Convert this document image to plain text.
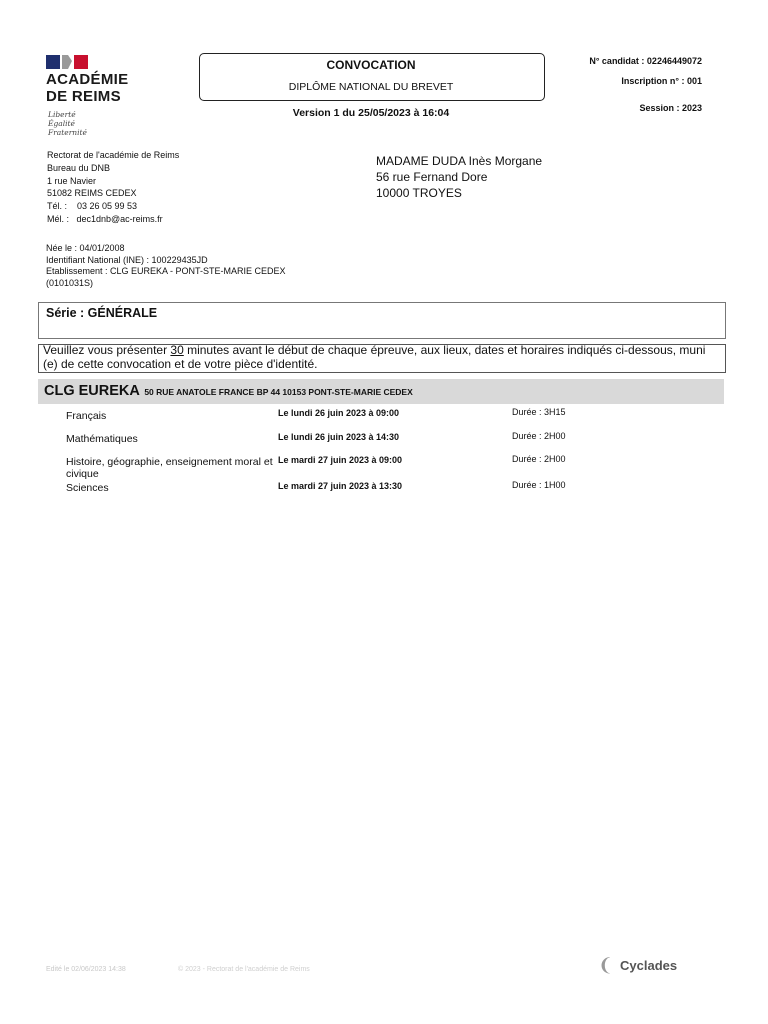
ACADÉMIE
DE REIMS
Liberté
Égalité
Fraternité
CONVOCATION
DIPLÔME NATIONAL DU BREVET
Version 1 du 25/05/2023 à 16:04
N° candidat : 02246449072
Inscription n° : 001
Session : 2023
Rectorat de l'académie de Reims
Bureau du DNB
1 rue Navier
51082 REIMS CEDEX
Tél. :    03 26 05 99 53
Mél. :   dec1dnb@ac-reims.fr
MADAME DUDA Inès Morgane
56 rue Fernand Dore
10000 TROYES
Née le : 04/01/2008
Identifiant National (INE) : 100229435JD
Etablissement : CLG EUREKA - PONT-STE-MARIE CEDEX
(0101031S)
Série : GÉNÉRALE
Veuillez vous présenter 30 minutes avant le début de chaque épreuve, aux lieux, dates et horaires indiqués ci-dessous, muni (e) de cette convocation et de votre pièce d'identité.
CLG EUREKA 50 RUE ANATOLE FRANCE BP 44 10153 PONT-STE-MARIE CEDEX
Français	Le lundi 26 juin 2023 à 09:00	Durée : 3H15
Mathématiques	Le lundi 26 juin 2023 à 14:30	Durée : 2H00
Histoire, géographie, enseignement moral et civique
Le mardi 27 juin 2023 à 09:00	Durée : 2H00
Sciences	Le mardi 27 juin 2023 à 13:30	Durée : 1H00
Edité le 02/06/2023 14:38	© 2023 - Rectorat de l'académie de Reims	❨ Cyclades
